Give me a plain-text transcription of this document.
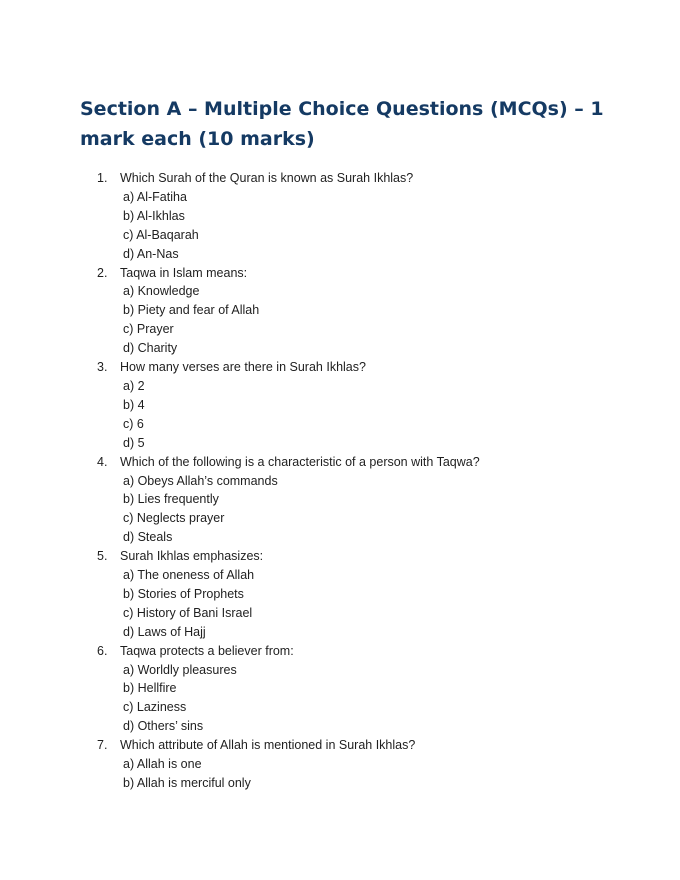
Section A – Multiple Choice Questions (MCQs) – 1 mark each (10 marks)
1.	Which Surah of the Quran is known as Surah Ikhlas?
a) Al-Fatiha
b) Al-Ikhlas
c) Al-Baqarah
d) An-Nas
2.	Taqwa in Islam means:
a) Knowledge
b) Piety and fear of Allah
c) Prayer
d) Charity
3.	How many verses are there in Surah Ikhlas?
a) 2
b) 4
c) 6
d) 5
4.	Which of the following is a characteristic of a person with Taqwa?
a) Obeys Allah’s commands
b) Lies frequently
c) Neglects prayer
d) Steals
5.	Surah Ikhlas emphasizes:
a) The oneness of Allah
b) Stories of Prophets
c) History of Bani Israel
d) Laws of Hajj
6.	Taqwa protects a believer from:
a) Worldly pleasures
b) Hellfire
c) Laziness
d) Others’ sins
7.	Which attribute of Allah is mentioned in Surah Ikhlas?
a) Allah is one
b) Allah is merciful only
